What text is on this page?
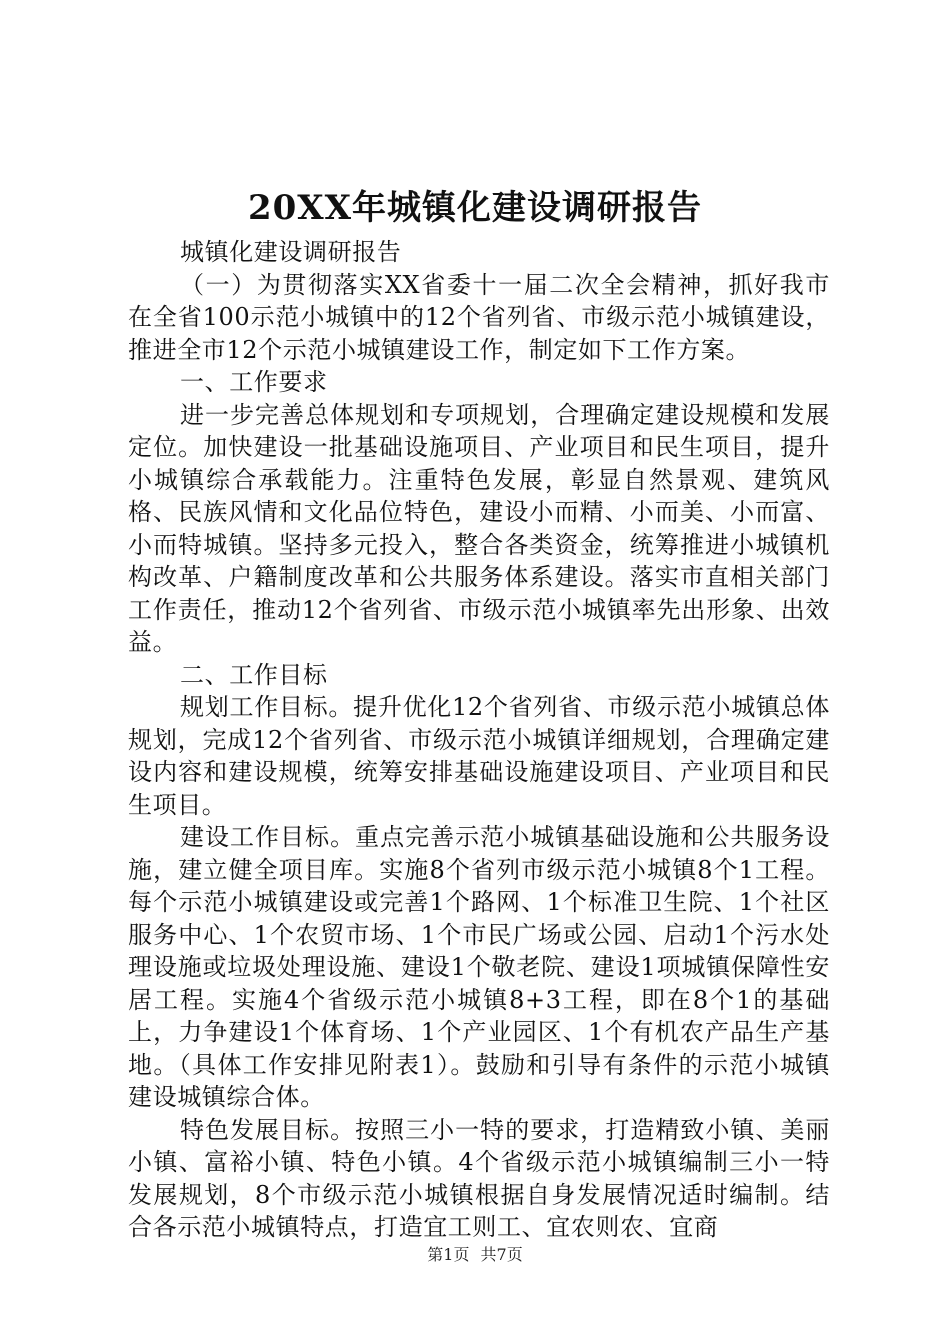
20XX年城镇化建设调研报告

城镇化建设调研报告

（一）为贯彻落实XX省委十一届二次全会精神，抓好我市在全省100示范小城镇中的12个省列省、市级示范小城镇建设，推进全市12个示范小城镇建设工作，制定如下工作方案。

一、工作要求

进一步完善总体规划和专项规划，合理确定建设规模和发展定位。加快建设一批基础设施项目、产业项目和民生项目，提升小城镇综合承载能力。注重特色发展，彰显自然景观、建筑风格、民族风情和文化品位特色，建设小而精、小而美、小而富、小而特城镇。坚持多元投入，整合各类资金，统筹推进小城镇机构改革、户籍制度改革和公共服务体系建设。落实市直相关部门工作责任，推动12个省列省、市级示范小城镇率先出形象、出效益。

二、工作目标

规划工作目标。提升优化12个省列省、市级示范小城镇总体规划，完成12个省列省、市级示范小城镇详细规划，合理确定建设内容和建设规模，统筹安排基础设施建设项目、产业项目和民生项目。

建设工作目标。重点完善示范小城镇基础设施和公共服务设施，建立健全项目库。实施8个省列市级示范小城镇8个1工程。每个示范小城镇建设或完善1个路网、1个标准卫生院、1个社区服务中心、1个农贸市场、1个市民广场或公园、启动1个污水处理设施或垃圾处理设施、建设1个敬老院、建设1项城镇保障性安居工程。实施4个省级示范小城镇8+3工程，即在8个1的基础上，力争建设1个体育场、1个产业园区、1个有机农产品生产基地。（具体工作安排见附表1）。鼓励和引导有条件的示范小城镇建设城镇综合体。

特色发展目标。按照三小一特的要求，打造精致小镇、美丽小镇、富裕小镇、特色小镇。4个省级示范小城镇编制三小一特发展规划，8个市级示范小城镇根据自身发展情况适时编制。结合各示范小城镇特点，打造宜工则工、宜农则农、宜商

第1页 共7页
